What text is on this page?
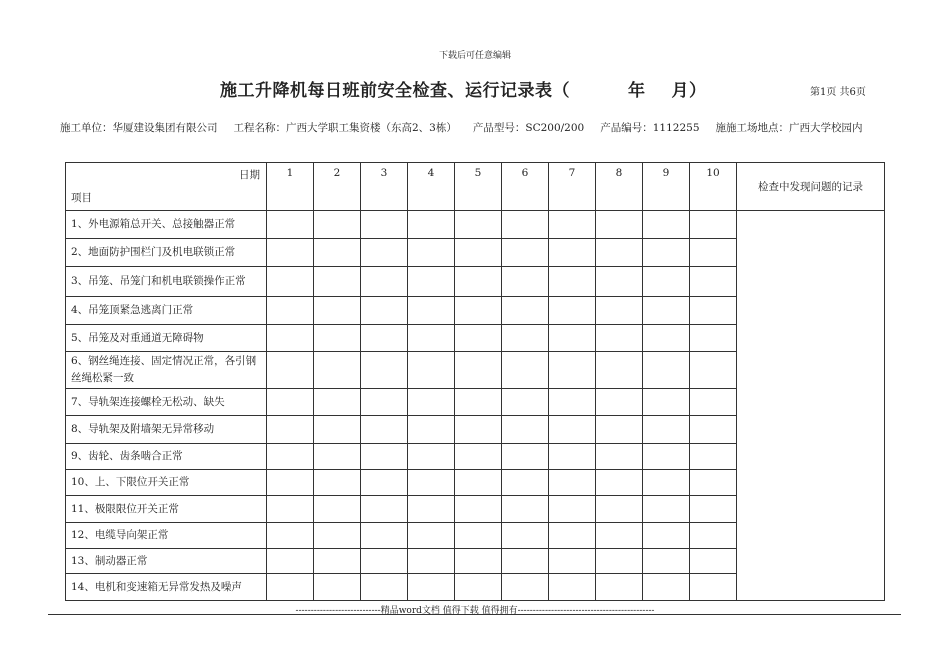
下载后可任意编辑
施工升降机每日班前安全检查、运行记录表（	年 月）	第1页 共6页
施工单位：华厦建设集团有限公司 工程名称：广西大学职工集资楼（东高2、3栋） 产品型号：SC200/200 产品编号：1112255 施施工场地点：广西大学校园内
日期
项目	1	2	3	4	5	6	7	8	9	10	检查中发现问题的记录
1、外电源箱总开关、总接触器正常											
2、地面防护围栏门及机电联锁正常											
3、吊笼、吊笼门和机电联锁操作正常											
4、吊笼顶紧急逃离门正常											
5、吊笼及对重通道无障碍物											
6、钢丝绳连接、固定情况正常，各引钢丝绳松紧一致											
7、导轨架连接螺栓无松动、缺失											
8、导轨架及附墙架无异常移动											
9、齿轮、齿条啮合正常											
10、上、下限位开关正常											
11、极限限位开关正常											
12、电缆导向架正常											
13、制动器正常											
14、电机和变速箱无异常发热及噪声											
----------------------------精品word文档 值得下载 值得拥有---------------------------------------------
